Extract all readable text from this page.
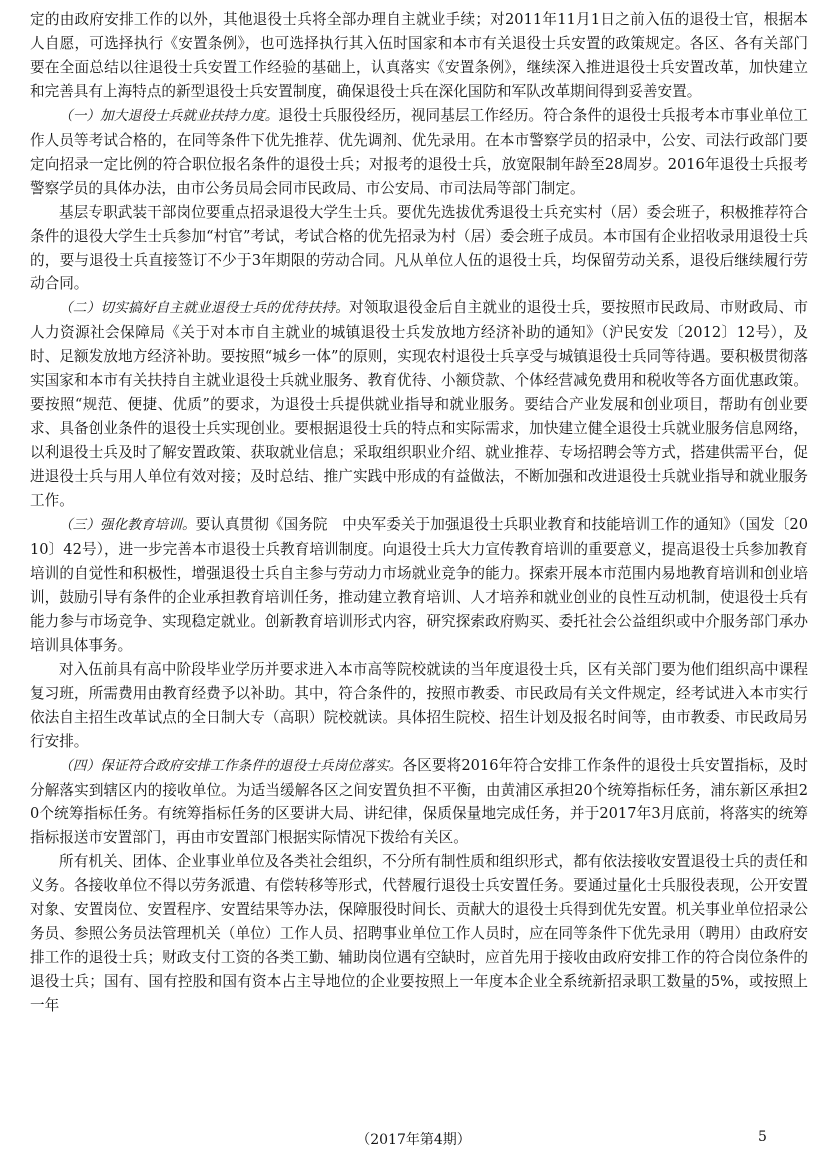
定的由政府安排工作的以外，其他退役士兵将全部办理自主就业手续；对2011年11月1日之前入伍的退役士官，根据本人自愿，可选择执行《安置条例》，也可选择执行其入伍时国家和本市有关退役士兵安置的政策规定。各区、各有关部门要在全面总结以往退役士兵安置工作经验的基础上，认真落实《安置条例》，继续深入推进退役士兵安置改革，加快建立和完善具有上海特点的新型退役士兵安置制度，确保退役士兵在深化国防和军队改革期间得到妥善安置。

（一）加大退役士兵就业扶持力度。退役士兵服役经历，视同基层工作经历。符合条件的退役士兵报考本市事业单位工作人员等考试合格的，在同等条件下优先推荐、优先调剂、优先录用。在本市警察学员的招录中，公安、司法行政部门要定向招录一定比例的符合职位报名条件的退役士兵；对报考的退役士兵，放宽限制年龄至28周岁。2016年退役士兵报考警察学员的具体办法，由市公务员局会同市民政局、市公安局、市司法局等部门制定。

基层专职武装干部岗位要重点招录退役大学生士兵。要优先选拔优秀退役士兵充实村（居）委会班子，积极推荐符合条件的退役大学生士兵参加“村官”考试，考试合格的优先招录为村（居）委会班子成员。本市国有企业招收录用退役士兵的，要与退役士兵直接签订不少于3年期限的劳动合同。凡从单位人伍的退役士兵，均保留劳动关系，退役后继续履行劳动合同。

（二）切实搞好自主就业退役士兵的优待扶持。对领取退役金后自主就业的退役士兵，要按照市民政局、市财政局、市人力资源社会保障局《关于对本市自主就业的城镇退役士兵发放地方经济补助的通知》（沪民安发〔2012〕12号），及时、足额发放地方经济补助。要按照“城乡一体”的原则，实现农村退役士兵享受与城镇退役士兵同等待遇。要积极贯彻落实国家和本市有关扶持自主就业退役士兵就业服务、教育优待、小额贷款、个体经营减免费用和税收等各方面优惠政策。要按照“规范、便捷、优质”的要求，为退役士兵提供就业指导和就业服务。要结合产业发展和创业项目，帮助有创业要求、具备创业条件的退役士兵实现创业。要根据退役士兵的特点和实际需求，加快建立健全退役士兵就业服务信息网络，以利退役士兵及时了解安置政策、获取就业信息；采取组织职业介绍、就业推荐、专场招聘会等方式，搭建供需平台，促进退役士兵与用人单位有效对接；及时总结、推广实践中形成的有益做法，不断加强和改进退役士兵就业指导和就业服务工作。

（三）强化教育培训。要认真贯彻《国务院　中央军委关于加强退役士兵职业教育和技能培训工作的通知》（国发〔2010〕42号），进一步完善本市退役士兵教育培训制度。向退役士兵大力宣传教育培训的重要意义，提高退役士兵参加教育培训的自觉性和积极性，增强退役士兵自主参与劳动力市场就业竞争的能力。探索开展本市范围内易地教育培训和创业培训，鼓励引导有条件的企业承担教育培训任务，推动建立教育培训、人才培养和就业创业的良性互动机制，使退役士兵有能力参与市场竞争、实现稳定就业。创新教育培训形式内容，研究探索政府购买、委托社会公益组织或中介服务部门承办培训具体事务。

对入伍前具有高中阶段毕业学历并要求进入本市高等院校就读的当年度退役士兵，区有关部门要为他们组织高中课程复习班，所需费用由教育经费予以补助。其中，符合条件的，按照市教委、市民政局有关文件规定，经考试进入本市实行依法自主招生改革试点的全日制大专（高职）院校就读。具体招生院校、招生计划及报名时间等，由市教委、市民政局另行安排。

（四）保证符合政府安排工作条件的退役士兵岗位落实。各区要将2016年符合安排工作条件的退役士兵安置指标，及时分解落实到辖区内的接收单位。为适当缓解各区之间安置负担不平衡，由黄浦区承担20个统筹指标任务，浦东新区承担20个统筹指标任务。有统筹指标任务的区要讲大局、讲纪律，保质保量地完成任务，并于2017年3月底前，将落实的统筹指标报送市安置部门，再由市安置部门根据实际情况下拨给有关区。

所有机关、团体、企业事业单位及各类社会组织，不分所有制性质和组织形式，都有依法接收安置退役士兵的责任和义务。各接收单位不得以劳务派遣、有偿转移等形式，代替履行退役士兵安置任务。要通过量化士兵服役表现，公开安置对象、安置岗位、安置程序、安置结果等办法，保障服役时间长、贡献大的退役士兵得到优先安置。机关事业单位招录公务员、参照公务员法管理机关（单位）工作人员、招聘事业单位工作人员时，应在同等条件下优先录用（聘用）由政府安排工作的退役士兵；财政支付工资的各类工勤、辅助岗位遇有空缺时，应首先用于接收由政府安排工作的符合岗位条件的退役士兵；国有、国有控股和国有资本占主导地位的企业要按照上一年度本企业全系统新招录职工数量的5%，或按照上一年

（2017年第4期）	5
